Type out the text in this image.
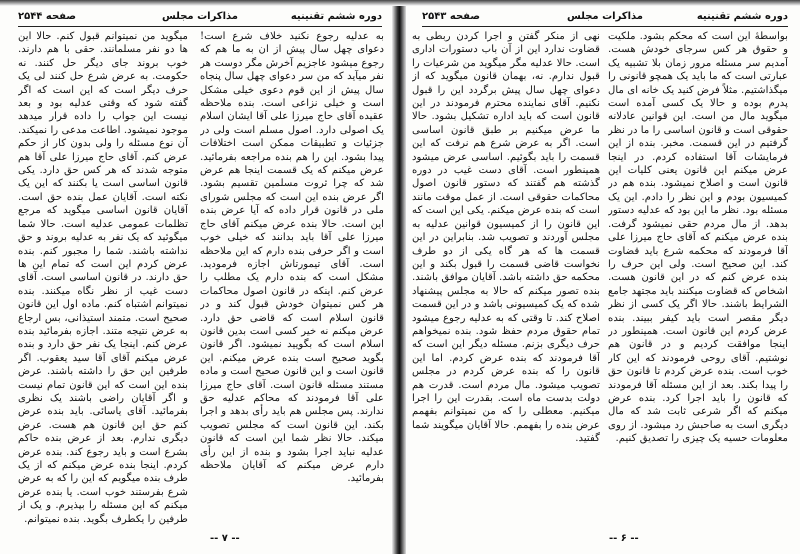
دوره ششم تقنینیه
مذاکرات مجلس
صفحه ۲۵۴۴

به عدلیه رجوع نکنید خلاف شرع است! دعوای چهل سال پیش از ان به ما هم که رجوع میشود عاجزیم آخرش مگر دوست هر نفر میآید که من سر دعوای چهل سال پنجاه سال پیش از این قوم دعوی خیلی مشکل است و خیلی نزاعی است. بنده ملاحظه عقیده آقای حاج میرزا علی آقا ایشان اسلام یک اصولی دارد. اصول مسلم است ولی در جزئیات و تطبیقات ممکن است اختلافات پیدا بشود. این را هم بنده مراجعه بفرمائید. عرض میکنم که یک قسمت اینجا هم عرض شد که چرا ثروت مسلمین تقسیم بشود. اگر عرض بنده این است که مجلس شورای ملی در قانون قرار داده که آیا عرض بنده این است. حالا بنده عرض میکنم آقای حاج میرزا علی آقا باید بدانند که خیلی خوب است و اگر حرفی بنده دارم که این ملاحظه است. آقای تیمورتاش اجازه فرمودید. مشکل است که بنده دارم یک مطلب را عرض کنم. اینکه در قانون اصول محاکمات هر کس نمیتوان خودش قبول کند و در قانون اسلام است که قاضی حق دارد. عرض میکنم نه خیر کسی است بدین قانون اسلام است که بگویید نمیشود. اگر قانون بگوید صحیح است بنده عرض میکنم. این قانون است و این قانون صحیح است و ماده مستند مسئله قانون است. آقای حاج میرزا علی آقا فرمودند که محاکم عدلیه حق ندارند. پس مجلس هم باید رأی بدهد و اجرا بکند. این قانون است که مجلس تصویب میکند. حالا نظر شما این است که قانون عدلیه نباید اجرا بشود و بنده از این رأی دارم عرض میکنم که آقایان ملاحظه بفرمائید.

میگوید من نمیتوانم قبول کنم. حالا این ها دو نفر مسلمانند. حقی با هم دارند. خوب بروند جای دیگر حل کنند. نه حکومت. به عرض شرع حل کنند لی یک حرف دیگر است که این است که اگر گفته شود که وقتی عدلیه بود و بعد نیست این جواب را داده قرار میدهد موجود نمیشود. اطاعت مدعی را نمیکند. آن نوع مسئله را ولی بدون کار از حکم عرض کنم. آقای حاج میرزا علی آقا هم متوجه شدند که هر کس حق دارد. یکی قانون اساسی است یا بکنند که این یک نکته است. آقایان عمل بنده حق است. آقایان قانون اساسی میگوید که مرجع تظلمات عمومی عدلیه است. حالا شما میگوئید که یک نفر به عدلیه بروند و حق نداشته باشند. شما را مجبور کنم. بنده عرض کردم این است که تمام این ها حق دارند. در قانون اساسی است. آقای دست غیب از نظر نگاه میکنند. بنده نمیتوانم اشتباه کنم. ماده اول این قانون صحیح است. متمند استیذانی، بس ارجاع به عرض نتیجه متند. اجازه بفرمائید بنده عرض کنم. اینجا یک نفر حق دارد و بنده عرض میکنم آقای آقا سید یعقوب. اگر طرفین این حق را داشته باشند. عرض بنده این است که این قانون تمام نیست و اگر آقایان راضی باشند یک نظری بفرمائید. آقای یاسائی. باید بنده عرض کنم حق این قانون هم هست. عرض دیگری ندارم. بعد از عرض بنده حاکم بشرع است و باید رجوع کند. بنده عرض کردم. اینجا بنده عرض میکنم که از یک طرف بنده میگویم که این را که به عرض شرع بفرستند خوب است. یا بنده عرض میکنم که این مسئله را بپذیرم. و یک از طرفین را یکطرف بگوید. بنده نمیتوانم.

-- ۷ --
دوره ششم تقنینیه
مذاکرات مجلس
صفحه ۲۵۴۳

نهی از منکر گفتن و اجرا کردن ربطی به قضاوت ندارد این از آن باب دستورات اداری است. حالا عدلیه مگر میگوید من شرعیات را قبول ندارم. نه، بهمان قانون میگوید که از دعوای چهل سال پیش برگردد این را قبول نکنیم. آقای نماینده محترم فرمودند در این قانون است که باید اداره تشکیل بشود. حالا ما عرض میکنیم بر طبق قانون اساسی است. اگر به عرض شرع هم نرفت که این قسمت را باید بگوئیم. اساسی عرض میشود همینطور است. آقای دست غیب در دوره گذشته هم گفتند که دستور قانون اصول محاکمات حقوقی است. از عمل موقت مانند است که بنده عرض میکنم. یکی این است که این قانون را از کمیسیون قوانین عدلیه به مجلس آوردند و تصویب شد. بنابراین در این قسمت ها که هر گاه یکی از دو طرف نخواست قاضی قسمت را قبول بکند و این محکمه حق داشته باشد. آقایان موافق باشند. بنده تصور میکنم که حالا به مجلس پیشنهاد شده که یک کمیسیونی باشد و در این قسمت اصلاح کند. تا وقتی که به عدلیه رجوع میشود تمام حقوق مردم حفظ شود. بنده نمیخواهم حرف دیگری بزنم. مسئله دیگر این است که آقا فرمودند که بنده عرض کردم. اما این قانون را که بنده عرض کردم در مجلس تصویب میشود. مال مردم است. قدرت هم دولت بدست ماه است. بقدرت این را اجرا میکنیم. معطلی را که من نمیتوانم بفهمم عرض بنده را بفهمم. حالا آقایان میگویند شما گفتید.

بواسطهٔ این است که محکم بشود. ملکیت و حقوق هر کس سرجای خودش هست. آمدیم سر مسئله مرور زمان بلا تشبیه یک عبارتی است که ما باید یک همچو قانونی را میگذاشتیم. مثلاً فرض کنید یک خانه ای مال پدرم بوده و حالا یک کسی آمده است میگوید مال من است. این قوانین عادلانه حقوقی است و قانون اساسی را ما در نظر گرفتیم در این قسمت. مخبر. بنده از این فرمایشات آقا استفاده کردم. در اینجا عرض میکنم این قانون یعنی کلیات این قانون است و اصلاح نمیشود. بنده هم در کمیسیون بودم و این نظر را دادم. این یک مسئله بود. نظر ما این بود که عدلیه دستور بدهد. از مال مردم حقی نمیشود گرفت. بنده عرض میکنم که آقای حاج میرزا علی آقا فرمودند که محکمه شرع باید قضاوت کند. این صحیح است. ولی این حرف را بنده عرض کنم که در این قانون هست. اشخاص که قضاوت میکنند باید مجتهد جامع الشرایط باشند. حالا اگر یک کسی از نظر دیگر مقصر است باید کیفر ببیند. بنده عرض کردم این قانون است. همینطور در اینجا موافقت کردیم و در قانون هم نوشتیم. آقای روحی فرمودند که این کار خوب است. بنده عرض کردم تا قانون حق را پیدا بکند. بعد از این مسئله آقا فرمودند که قانون را باید اجرا کرد. بنده عرض میکنم که اگر شرعی ثابت شد که مال دیگری است به صاحبش رد میشود. از روی معلومات حسیه یک چیزی را تصدیق کنیم.

-- ۶ --
